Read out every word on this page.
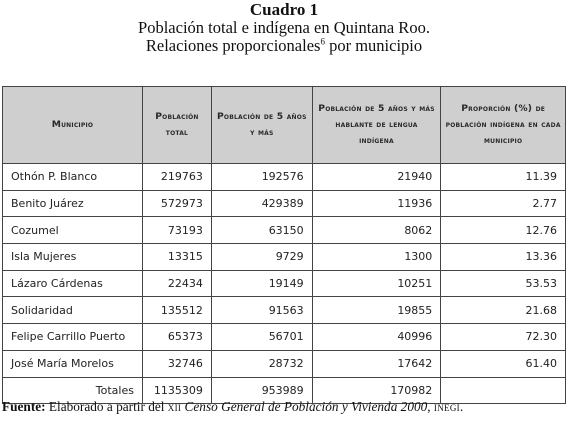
Cuadro 1
Población total e indígena en Quintana Roo.
Relaciones proporcionales$^6$ por municipio
Municipio	Población total	Población de 5 años y más	Población de 5 años y más hablante de lengua indígena	Proporción (%) de población indígena en cada municipio
Othón P. Blanco	219763	192576	21940	11.39
Benito Juárez	572973	429389	11936	2.77
Cozumel	73193	63150	8062	12.76
Isla Mujeres	13315	9729	1300	13.36
Lázaro Cárdenas	22434	19149	10251	53.53
Solidaridad	135512	91563	19855	21.68
Felipe Carrillo Puerto	65373	56701	40996	72.30
José María Morelos	32746	28732	17642	61.40
Totales	1135309	953989	170982	
Fuente: Elaborado a partir del xii Censo General de Población y Vivienda 2000, inegi.
